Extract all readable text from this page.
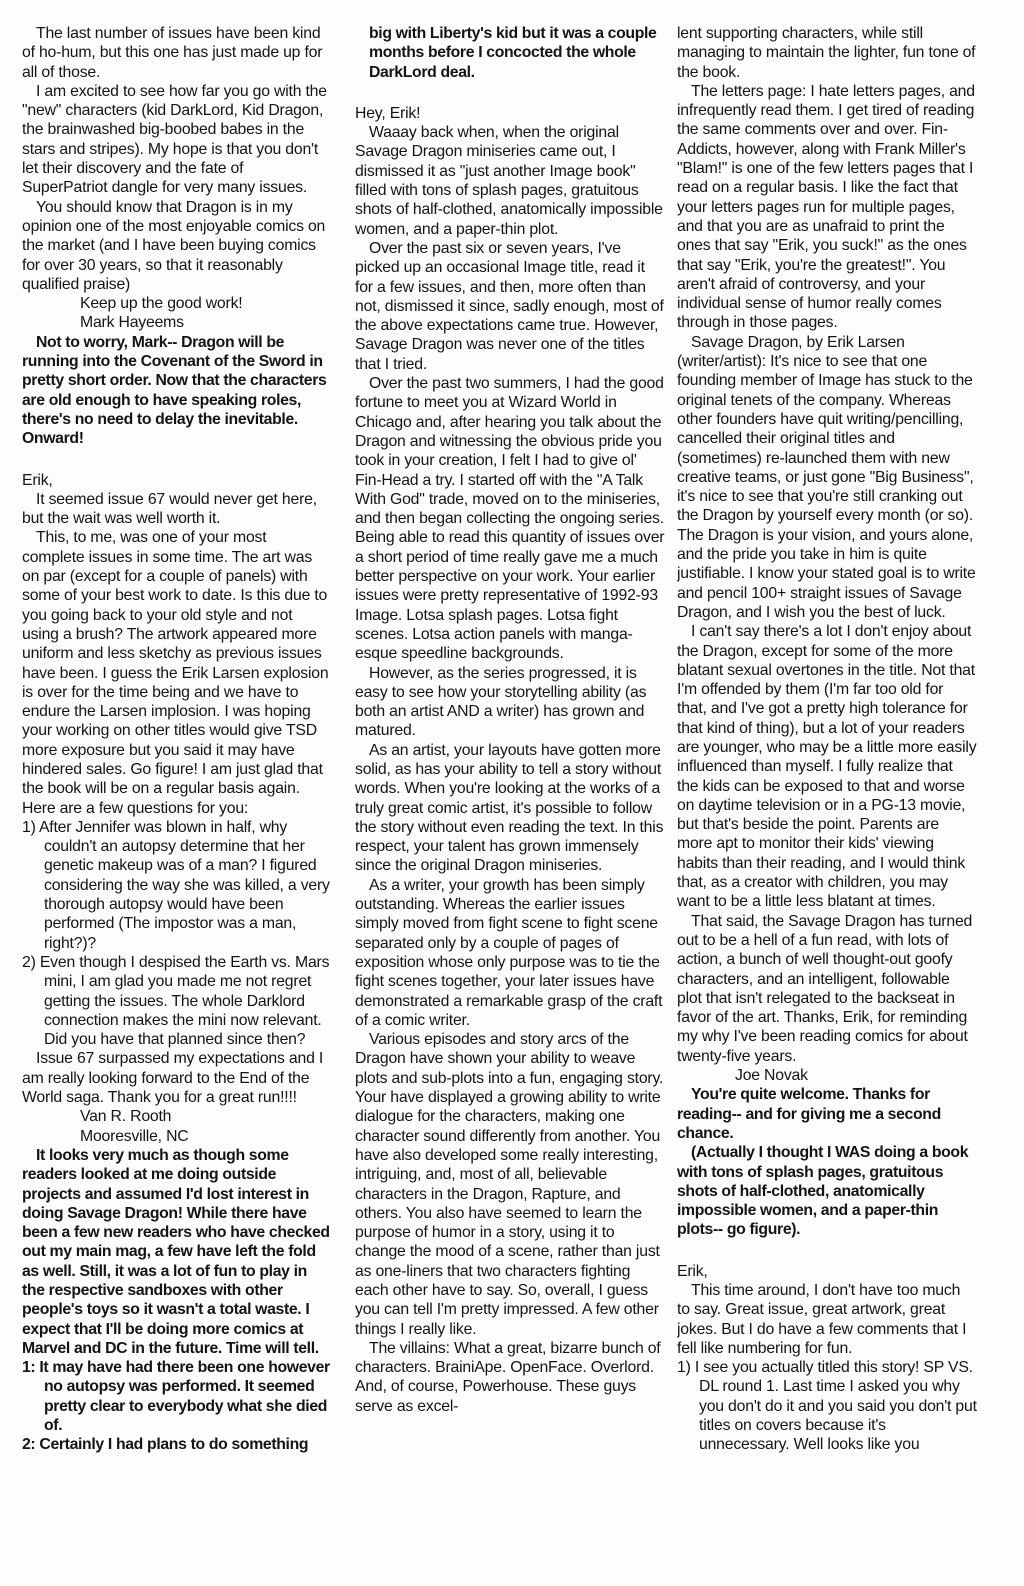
The last number of issues have been kind of ho-hum, but this one has just made up for all of those.

I am excited to see how far you go with the "new" characters (kid DarkLord, Kid Dragon, the brainwashed big-boobed babes in the stars and stripes). My hope is that you don't let their discovery and the fate of SuperPatriot dangle for very many issues.

You should know that Dragon is in my opinion one of the most enjoyable comics on the market (and I have been buying comics for over 30 years, so that it reasonably qualified praise)

Keep up the good work!

Mark Hayeems

Not to worry, Mark-- Dragon will be running into the Covenant of the Sword in pretty short order. Now that the characters are old enough to have speaking roles, there's no need to delay the inevitable. Onward!

Erik,

It seemed issue 67 would never get here, but the wait was well worth it.

This, to me, was one of your most complete issues in some time. The art was on par (except for a couple of panels) with some of your best work to date. Is this due to you going back to your old style and not using a brush? The artwork appeared more uniform and less sketchy as previous issues have been. I guess the Erik Larsen explosion is over for the time being and we have to endure the Larsen implosion. I was hoping your working on other titles would give TSD more exposure but you said it may have hindered sales. Go figure! I am just glad that the book will be on a regular basis again. Here are a few questions for you:

1) After Jennifer was blown in half, why couldn't an autopsy determine that her genetic makeup was of a man? I figured considering the way she was killed, a very thorough autopsy would have been performed (The impostor was a man, right?)?

2) Even though I despised the Earth vs. Mars mini, I am glad you made me not regret getting the issues. The whole Darklord connection makes the mini now relevant. Did you have that planned since then?

Issue 67 surpassed my expectations and I am really looking forward to the End of the World saga. Thank you for a great run!!!!

Van R. Rooth

Mooresville, NC

It looks very much as though some readers looked at me doing outside projects and assumed I'd lost interest in doing Savage Dragon! While there have been a few new readers who have checked out my main mag, a few have left the fold as well. Still, it was a lot of fun to play in the respective sandboxes with other people's toys so it wasn't a total waste. I expect that I'll be doing more comics at Marvel and DC in the future. Time will tell.

1: It may have had there been one however no autopsy was performed. It seemed pretty clear to everybody what she died of.

2: Certainly I had plans to do something

big with Liberty's kid but it was a couple months before I concocted the whole DarkLord deal.

Hey, Erik!

Waaay back when, when the original Savage Dragon miniseries came out, I dismissed it as "just another Image book" filled with tons of splash pages, gratuitous shots of half-clothed, anatomically impossible women, and a paper-thin plot.

Over the past six or seven years, I've picked up an occasional Image title, read it for a few issues, and then, more often than not, dismissed it since, sadly enough, most of the above expectations came true. However, Savage Dragon was never one of the titles that I tried.

Over the past two summers, I had the good fortune to meet you at Wizard World in Chicago and, after hearing you talk about the Dragon and witnessing the obvious pride you took in your creation, I felt I had to give ol' Fin-Head a try. I started off with the "A Talk With God" trade, moved on to the miniseries, and then began collecting the ongoing series. Being able to read this quantity of issues over a short period of time really gave me a much better perspective on your work. Your earlier issues were pretty representative of 1992-93 Image. Lotsa splash pages. Lotsa fight scenes. Lotsa action panels with manga-esque speedline backgrounds.

However, as the series progressed, it is easy to see how your storytelling ability (as both an artist AND a writer) has grown and matured.

As an artist, your layouts have gotten more solid, as has your ability to tell a story without words. When you're looking at the works of a truly great comic artist, it's possible to follow the story without even reading the text. In this respect, your talent has grown immensely since the original Dragon miniseries.

As a writer, your growth has been simply outstanding. Whereas the earlier issues simply moved from fight scene to fight scene separated only by a couple of pages of exposition whose only purpose was to tie the fight scenes together, your later issues have demonstrated a remarkable grasp of the craft of a comic writer.

Various episodes and story arcs of the Dragon have shown your ability to weave plots and sub-plots into a fun, engaging story. Your have displayed a growing ability to write dialogue for the characters, making one character sound differently from another. You have also developed some really interesting, intriguing, and, most of all, believable characters in the Dragon, Rapture, and others. You also have seemed to learn the purpose of humor in a story, using it to change the mood of a scene, rather than just as one-liners that two characters fighting each other have to say. So, overall, I guess you can tell I'm pretty impressed. A few other things I really like.

The villains: What a great, bizarre bunch of characters. BrainiApe. OpenFace. Overlord. And, of course, Powerhouse. These guys serve as excel-

lent supporting characters, while still managing to maintain the lighter, fun tone of the book.

The letters page: I hate letters pages, and infrequently read them. I get tired of reading the same comments over and over. Fin-Addicts, however, along with Frank Miller's "Blam!" is one of the few letters pages that I read on a regular basis. I like the fact that your letters pages run for multiple pages, and that you are as unafraid to print the ones that say "Erik, you suck!" as the ones that say "Erik, you're the greatest!". You aren't afraid of controversy, and your individual sense of humor really comes through in those pages.

Savage Dragon, by Erik Larsen (writer/artist): It's nice to see that one founding member of Image has stuck to the original tenets of the company. Whereas other founders have quit writing/pencilling, cancelled their original titles and (sometimes) re-launched them with new creative teams, or just gone "Big Business", it's nice to see that you're still cranking out the Dragon by yourself every month (or so). The Dragon is your vision, and yours alone, and the pride you take in him is quite justifiable. I know your stated goal is to write and pencil 100+ straight issues of Savage Dragon, and I wish you the best of luck.

I can't say there's a lot I don't enjoy about the Dragon, except for some of the more blatant sexual overtones in the title. Not that I'm offended by them (I'm far too old for that, and I've got a pretty high tolerance for that kind of thing), but a lot of your readers are younger, who may be a little more easily influenced than myself. I fully realize that the kids can be exposed to that and worse on daytime television or in a PG-13 movie, but that's beside the point. Parents are more apt to monitor their kids' viewing habits than their reading, and I would think that, as a creator with children, you may want to be a little less blatant at times.

That said, the Savage Dragon has turned out to be a hell of a fun read, with lots of action, a bunch of well thought-out goofy characters, and an intelligent, followable plot that isn't relegated to the backseat in favor of the art. Thanks, Erik, for reminding my why I've been reading comics for about twenty-five years.

Joe Novak

You're quite welcome. Thanks for reading-- and for giving me a second chance.

(Actually I thought I WAS doing a book with tons of splash pages, gratuitous shots of half-clothed, anatomically impossible women, and a paper-thin plots-- go figure).

Erik,

This time around, I don't have too much to say. Great issue, great artwork, great jokes. But I do have a few comments that I fell like numbering for fun.

1) I see you actually titled this story! SP VS. DL round 1. Last time I asked you why you don't do it and you said you don't put titles on covers because it's unnecessary. Well looks like you
